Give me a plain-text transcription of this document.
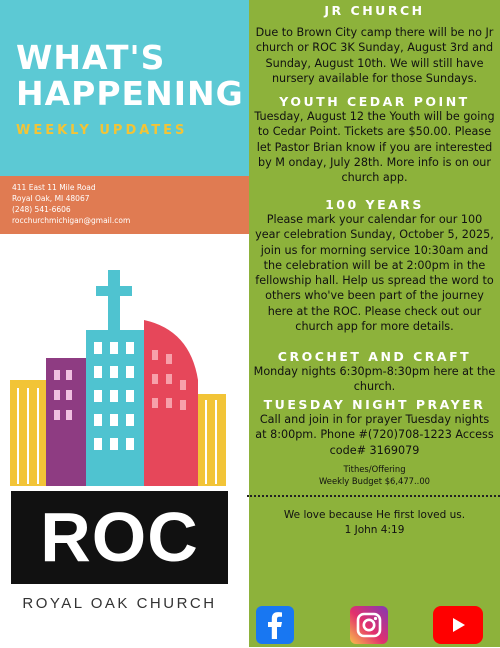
WHAT'S
HAPPENING
WEEKLY UPDATES
411 East 11 Mile Road
Royal Oak, MI 48067
(248) 541-6606
rocchurchmichigan@gmail.com
ROC
ROYAL OAK CHURCH
JR CHURCH
Due to Brown City camp there will be no Jr church or ROC 3K Sunday, August 3rd and Sunday, August 10th. We will still have nursery available for those Sundays.
YOUTH CEDAR POINT
Tuesday, August 12 the Youth will be going to Cedar Point. Tickets are $50.00. Please let Pastor Brian know if you are interested by M onday, July 28th. More info is on our church app.
100 YEARS
Please mark your calendar for our 100 year celebration Sunday, October 5, 2025, join us for morning service 10:30am and the celebration will be at 2:00pm in the fellowship hall. Help us spread the word to others who've been part of the journey here at the ROC. Please check out our church app for more details.
CROCHET AND CRAFT
Monday nights 6:30pm-8:30pm here at the church.
TUESDAY NIGHT PRAYER
Call and join in for prayer Tuesday nights at 8:00pm. Phone #(720)708-1223 Access code# 3169079
Tithes/Offering
Weekly Budget $6,477..00
We love because He first loved us.
1 John 4:19
